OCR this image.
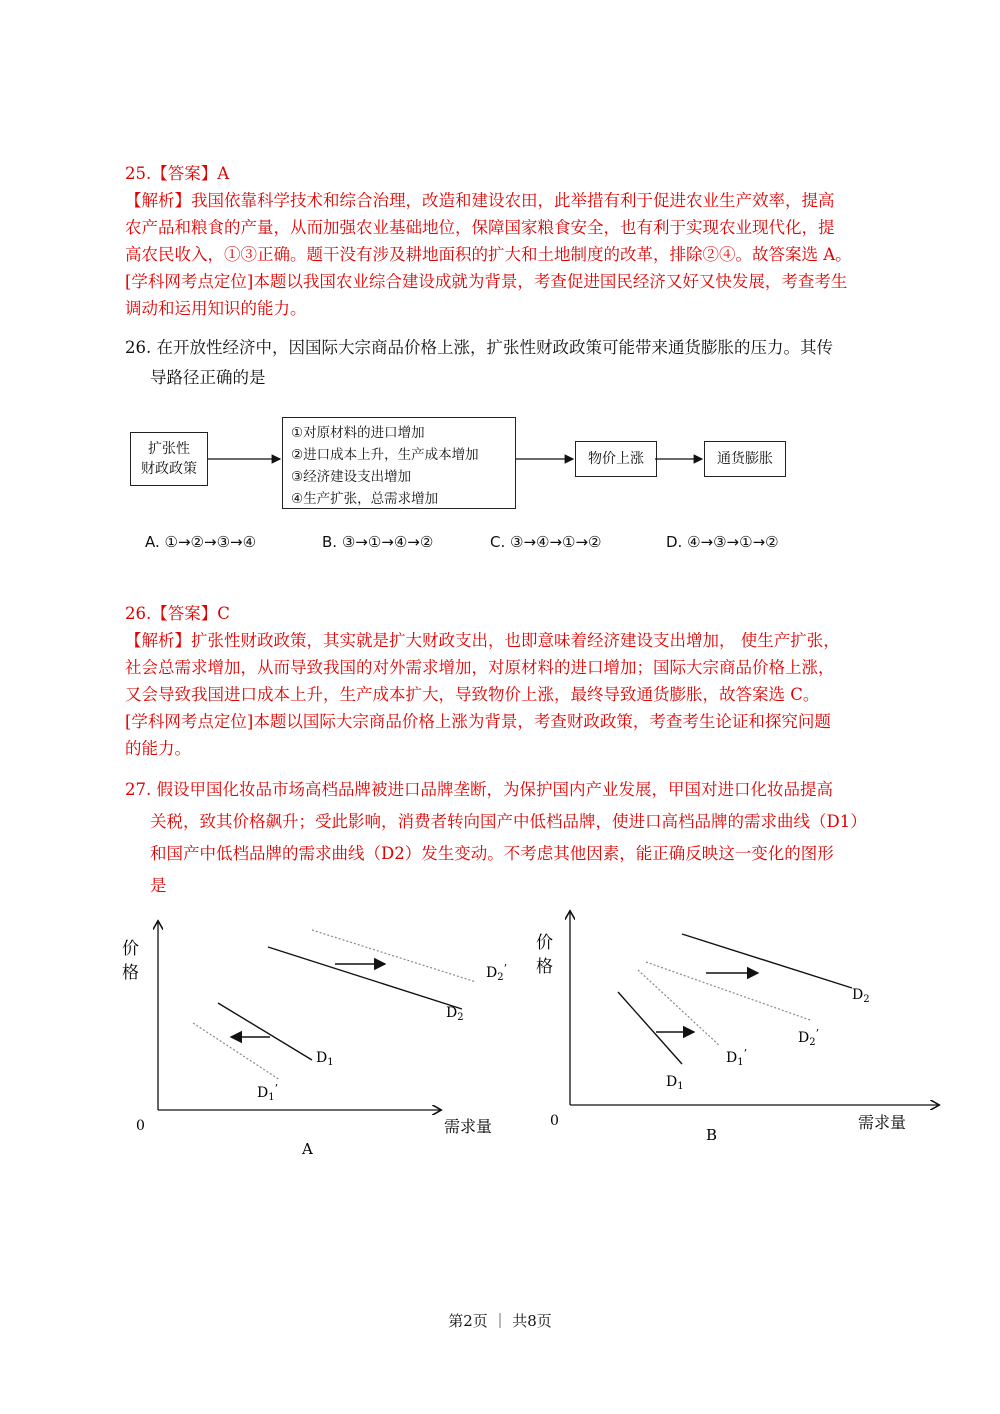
25.【答案】A
【解析】我国依靠科学技术和综合治理，改造和建设农田，此举措有利于促进农业生产效率，提高
农产品和粮食的产量，从而加强农业基础地位，保障国家粮食安全，也有利于实现农业现代化，提
高农民收入，①③正确。题干没有涉及耕地面积的扩大和土地制度的改革，排除②④。故答案选 A。
[学科网考点定位]本题以我国农业综合建设成就为背景，考查促进国民经济又好又快发展，考查考生
调动和运用知识的能力。
26. 在开放性经济中，因国际大宗商品价格上涨，扩张性财政政策可能带来通货膨胀的压力。其传
导路径正确的是
扩张性
财政政策
①对原材料的进口增加
②进口成本上升，生产成本增加
③经济建设支出增加
④生产扩张，总需求增加
物价上涨	通货膨胀
A. ①→②→③→④	B. ③→①→④→②	C. ③→④→①→②	D. ④→③→①→②
26.【答案】C
【解析】扩张性财政政策，其实就是扩大财政支出，也即意味着经济建设支出增加， 使生产扩张，
社会总需求增加，从而导致我国的对外需求增加，对原材料的进口增加；国际大宗商品价格上涨，
又会导致我国进口成本上升，生产成本扩大，导致物价上涨，最终导致通货膨胀，故答案选 C。
[学科网考点定位]本题以国际大宗商品价格上涨为背景，考查财政政策，考查考生论证和探究问题
的能力。
27. 假设甲国化妆品市场高档品牌被进口品牌垄断，为保护国内产业发展，甲国对进口化妆品提高
关税，致其价格飙升；受此影响，消费者转向国产中低档品牌，使进口高档品牌的需求曲线（D1）
和国产中低档品牌的需求曲线（D2）发生变动。不考虑其他因素，能正确反映这一变化的图形
是
价
格
0	需求量
A
$D_2^’$
$D_2$
$D_1$
$D_1^’$
价
格
0	需求量
B
$D_2$
$D_2^’$
$D_1^’$
$D_1$
第2页 ｜ 共8页
